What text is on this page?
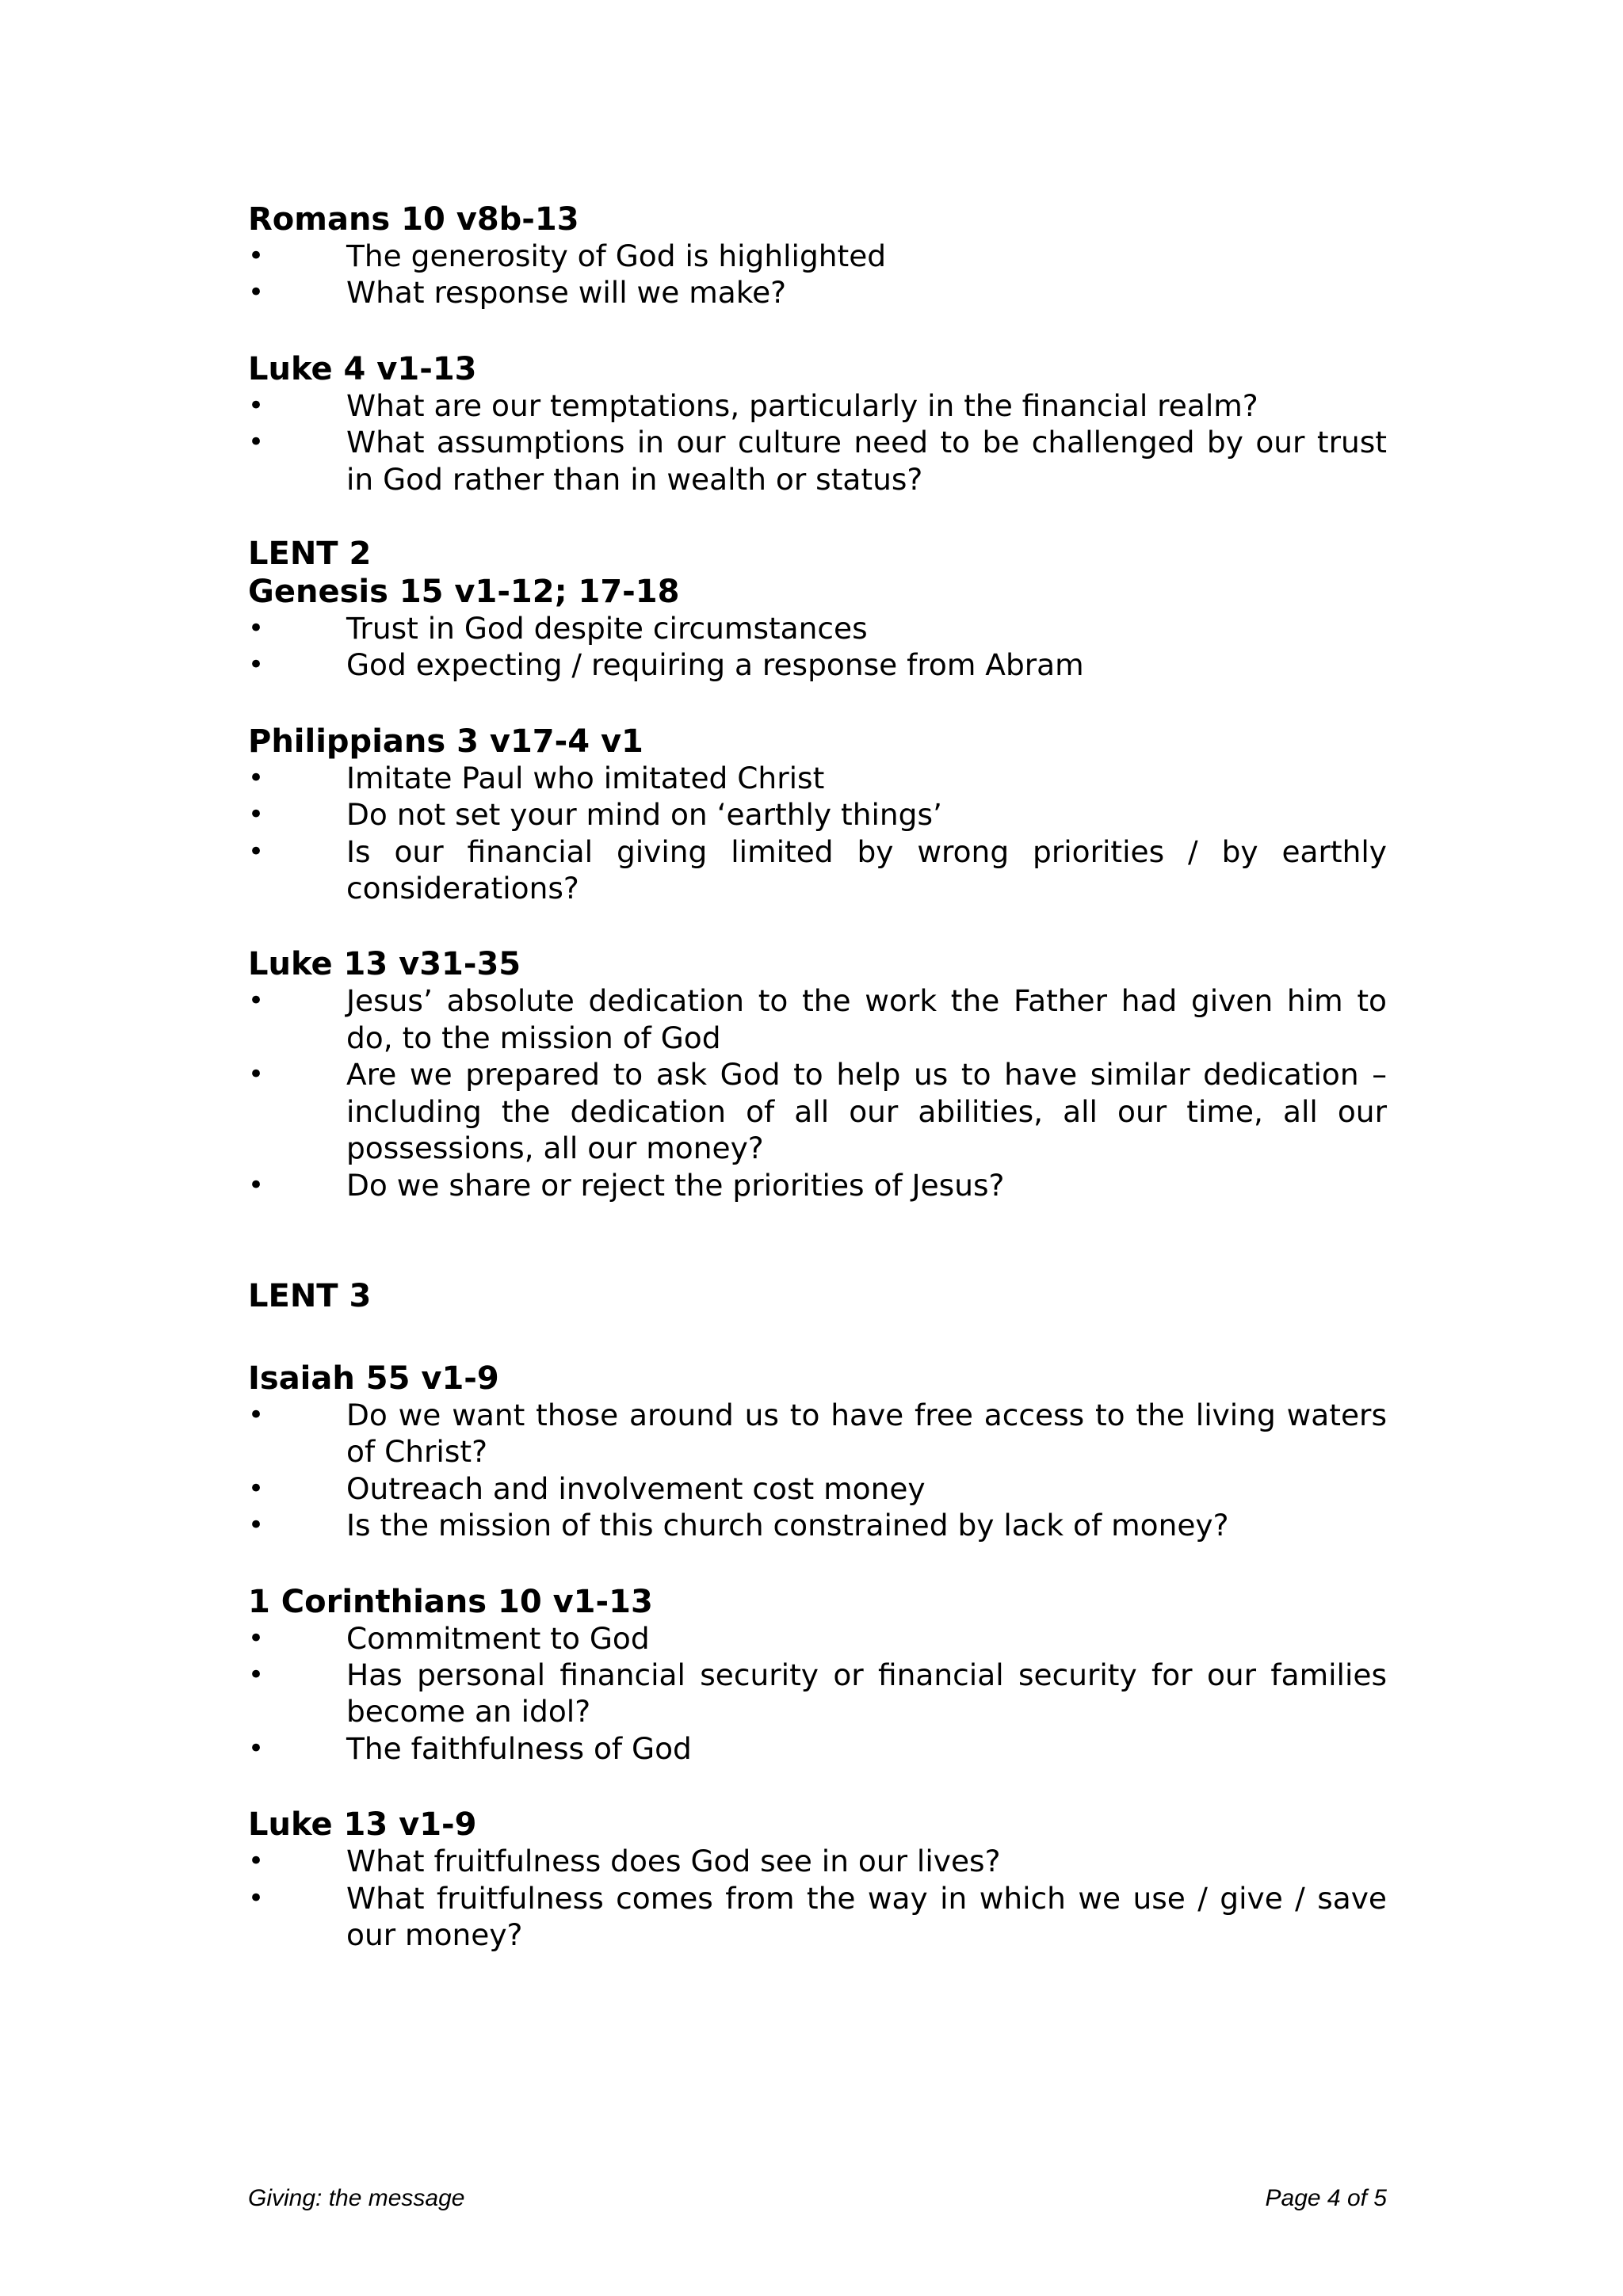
Romans 10 v8b-13
•	The generosity of God is highlighted
•	What response will we make?
Luke 4 v1-13
•	What are our temptations, particularly in the financial realm?
•	What assumptions in our culture need to be challenged by our trust in God rather than in wealth or status?
LENT 2
Genesis 15 v1-12; 17-18
•	Trust in God despite circumstances
•	God expecting / requiring a response from Abram
Philippians 3 v17-4 v1
•	Imitate Paul who imitated Christ
•	Do not set your mind on ‘earthly things’
•	Is our financial giving limited by wrong priorities / by earthly considerations?
Luke 13 v31-35
•	Jesus’ absolute dedication to the work the Father had given him to do, to the mission of God
•	Are we prepared to ask God to help us to have similar dedication – including the dedication of all our abilities, all our time, all our possessions, all our money?
•	Do we share or reject the priorities of Jesus?
LENT 3
Isaiah 55 v1-9
•	Do we want those around us to have free access to the living waters of Christ?
•	Outreach and involvement cost money
•	Is the mission of this church constrained by lack of money?
1 Corinthians 10 v1-13
•	Commitment to God
•	Has personal financial security or financial security for our families become an idol?
•	The faithfulness of God
Luke 13 v1-9
•	What fruitfulness does God see in our lives?
•	What fruitfulness comes from the way in which we use / give / save our money?
Giving: the message	Page 4 of 5
